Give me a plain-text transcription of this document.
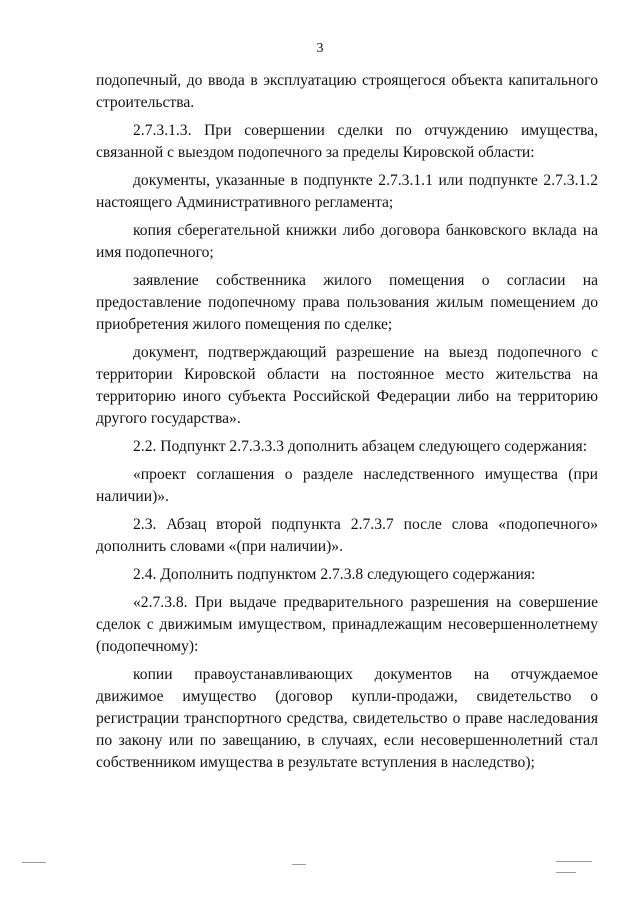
3

подопечный, до ввода в эксплуатацию строящегося объекта капитального строительства.

2.7.3.1.3. При совершении сделки по отчуждению имущества, связанной с выездом подопечного за пределы Кировской области:

документы, указанные в подпункте 2.7.3.1.1 или подпункте 2.7.3.1.2 настоящего Административного регламента;

копия сберегательной книжки либо договора банковского вклада на имя подопечного;

заявление собственника жилого помещения о согласии на предоставление подопечному права пользования жилым помещением до приобретения жилого помещения по сделке;

документ, подтверждающий разрешение на выезд подопечного с территории Кировской области на постоянное место жительства на территорию иного субъекта Российской Федерации либо на территорию другого государства».

2.2. Подпункт 2.7.3.3.3 дополнить абзацем следующего содержания:

«проект соглашения о разделе наследственного имущества (при наличии)».

2.3. Абзац второй подпункта 2.7.3.7 после слова «подопечного» дополнить словами «(при наличии)».

2.4. Дополнить подпунктом 2.7.3.8 следующего содержания:

«2.7.3.8. При выдаче предварительного разрешения на совершение сделок с движимым имуществом, принадлежащим несовершеннолетнему (подопечному):

копии правоустанавливающих документов на отчуждаемое движимое имущество (договор купли-продажи, свидетельство о регистрации транспортного средства, свидетельство о праве наследования по закону или по завещанию, в случаях, если несовершеннолетний стал собственником имущества в результате вступления в наследство);
